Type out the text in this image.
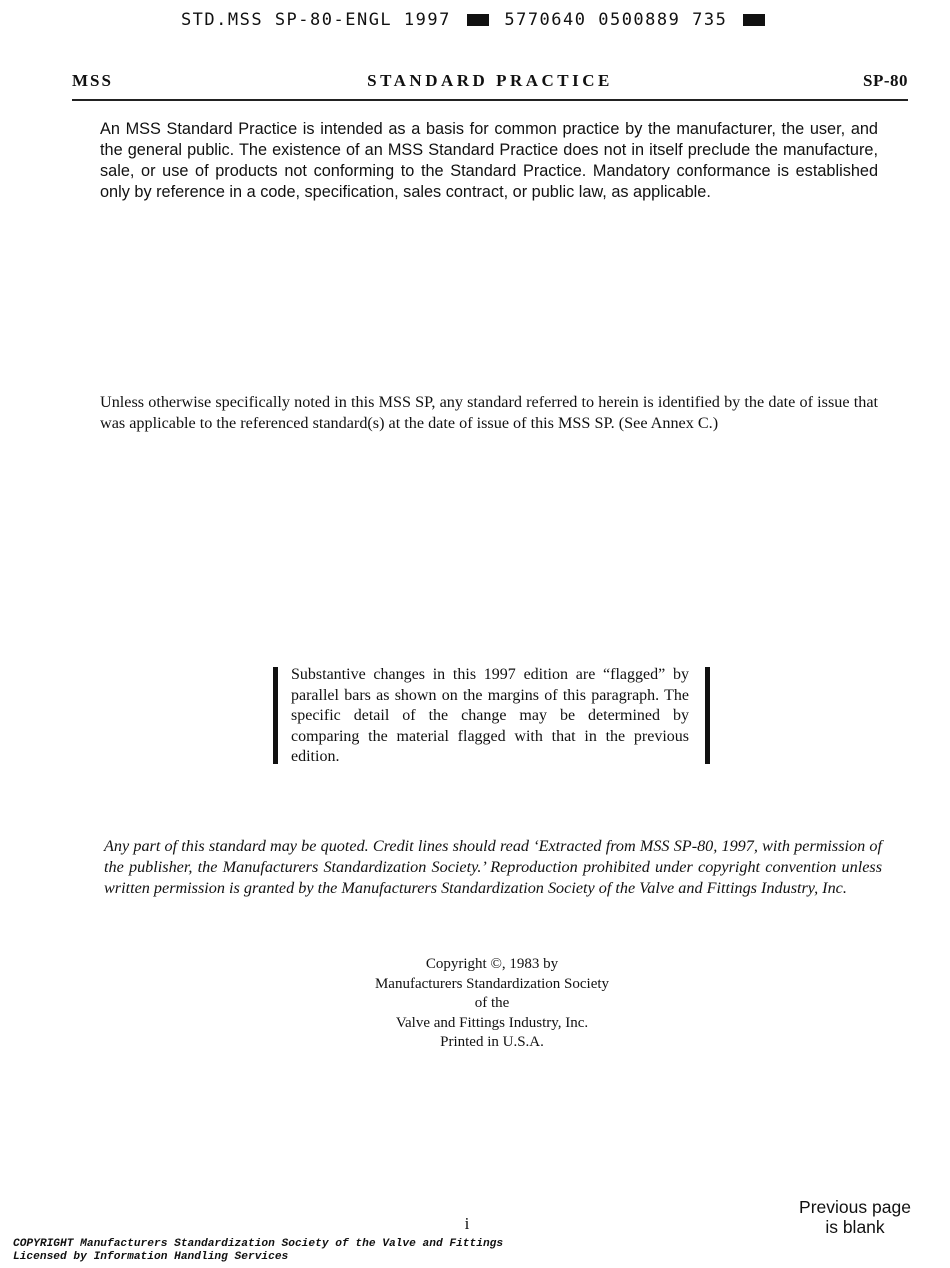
STD.MSS SP-80-ENGL 1997	5770640 0500889 735
MSS	STANDARD PRACTICE	SP-80
An MSS Standard Practice is intended as a basis for common practice by the manufacturer, the user, and the general public. The existence of an MSS Standard Practice does not in itself preclude the manufacture, sale, or use of products not conforming to the Standard Practice. Mandatory conformance is established only by reference in a code, specification, sales contract, or public law, as applicable.
Unless otherwise specifically noted in this MSS SP, any standard referred to herein is identified by the date of issue that was applicable to the referenced standard(s) at the date of issue of this MSS SP. (See Annex C.)
Substantive changes in this 1997 edition are “flagged” by parallel bars as shown on the margins of this paragraph. The specific detail of the change may be determined by comparing the material flagged with that in the previous edition.
Any part of this standard may be quoted. Credit lines should read ‘Extracted from MSS SP-80, 1997, with permission of the publisher, the Manufacturers Standardization Society.’ Reproduction prohibited under copyright convention unless written permission is granted by the Manufacturers Standardization Society of the Valve and Fittings Industry, Inc.
Copyright ©, 1983 by
Manufacturers Standardization Society
of the
Valve and Fittings Industry, Inc.
Printed in U.S.A.
i
Previous page
is blank
COPYRIGHT Manufacturers Standardization Society of the Valve and Fittings
Licensed by Information Handling Services
